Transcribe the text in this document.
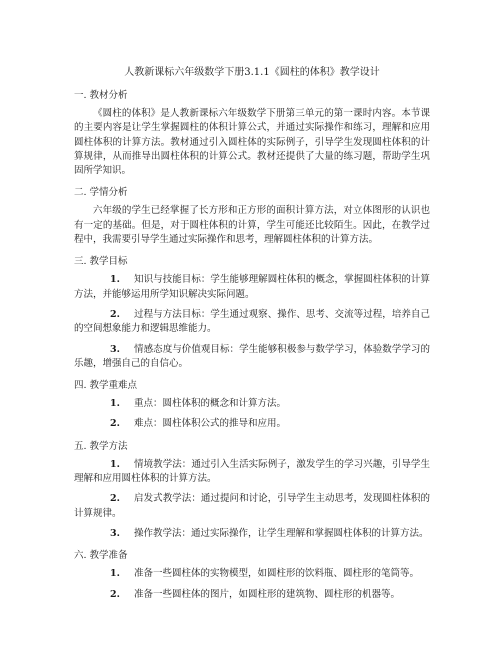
人教新课标六年级数学下册3.1.1《圆柱的体积》教学设计
一. 教材分析

《圆柱的体积》是人教新课标六年级数学下册第三单元的第一课时内容。本节课的主要内容是让学生掌握圆柱的体积计算公式，并通过实际操作和练习，理解和应用圆柱体积的计算方法。教材通过引入圆柱体的实际例子，引导学生发现圆柱体积的计算规律，从而推导出圆柱体积的计算公式。教材还提供了大量的练习题，帮助学生巩固所学知识。

二. 学情分析

六年级的学生已经掌握了长方形和正方形的面积计算方法，对立体图形的认识也有一定的基础。但是，对于圆柱体积的计算，学生可能还比较陌生。因此，在教学过程中，我需要引导学生通过实际操作和思考，理解圆柱体积的计算方法。

三. 教学目标
1. 知识与技能目标：学生能够理解圆柱体积的概念，掌握圆柱体积的计算方法，并能够运用所学知识解决实际问题。
2. 过程与方法目标：学生通过观察、操作、思考、交流等过程，培养自己的空间想象能力和逻辑思维能力。
3. 情感态度与价值观目标：学生能够积极参与数学学习，体验数学学习的乐趣，增强自己的自信心。
四. 教学重难点
1. 重点：圆柱体积的概念和计算方法。
2. 难点：圆柱体积公式的推导和应用。
五. 教学方法
1. 情境教学法：通过引入生活实际例子，激发学生的学习兴趣，引导学生理解和应用圆柱体积的计算方法。
2. 启发式教学法：通过提问和讨论，引导学生主动思考，发现圆柱体积的计算规律。
3. 操作教学法：通过实际操作，让学生理解和掌握圆柱体积的计算方法。
六. 教学准备
1. 准备一些圆柱体的实物模型，如圆柱形的饮料瓶、圆柱形的笔筒等。
2. 准备一些圆柱体的图片，如圆柱形的建筑物、圆柱形的机器等。
